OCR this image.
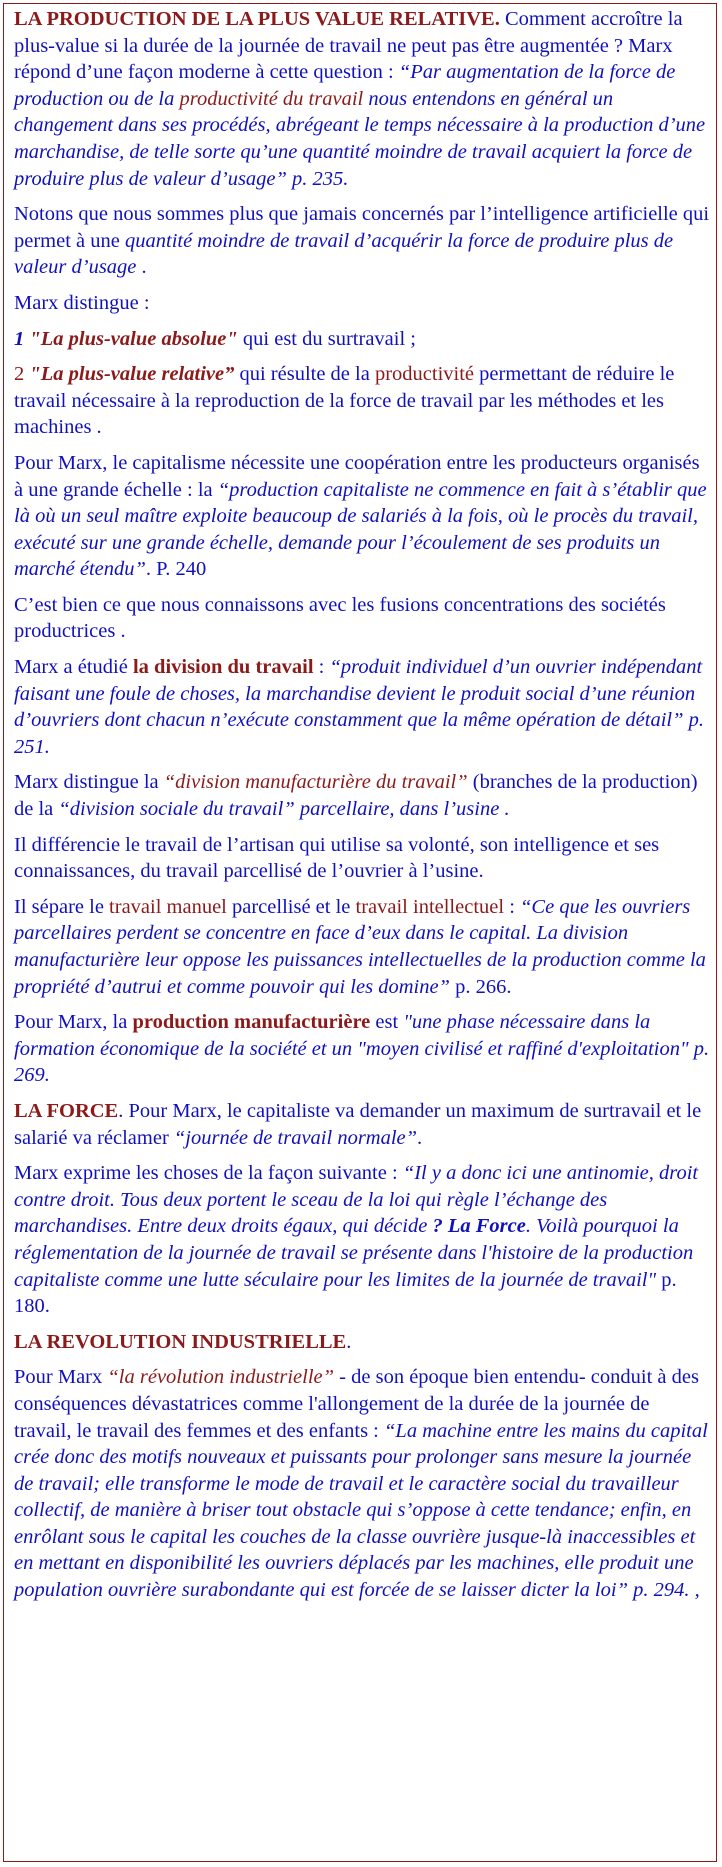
LA PRODUCTION DE LA PLUS VALUE RELATIVE. Comment accroître la plus-value si la durée de la journée de travail ne peut pas être augmentée ? Marx répond d’une façon moderne à cette question : “Par augmentation de la force de production ou de la productivité du travail nous entendons en général un changement dans ses procédés, abrégeant le temps nécessaire à la production d’une marchandise, de telle sorte qu’une quantité moindre de travail acquiert la force de produire plus de valeur d’usage” p. 235.

Notons que nous sommes plus que jamais concernés par l’intelligence artificielle qui permet à une quantité moindre de travail d’acquérir la force de produire plus de valeur d’usage .

Marx distingue :

1 "La plus-value absolue" qui est du surtravail ;

2 "La plus-value relative” qui résulte de la productivité permettant de réduire le travail nécessaire à la reproduction de la force de travail par les méthodes et les machines .

Pour Marx, le capitalisme nécessite une coopération entre les producteurs organisés à une grande échelle : la “production capitaliste ne commence en fait à s’établir que là où un seul maître exploite beaucoup de salariés à la fois, où le procès du travail, exécuté sur une grande échelle, demande pour l’écoulement de ses produits un marché étendu”. P. 240

C’est bien ce que nous connaissons avec les fusions concentrations des sociétés productrices .

Marx a étudié la division du travail : “produit individuel d’un ouvrier indépendant faisant une foule de choses, la marchandise devient le produit social d’une réunion d’ouvriers dont chacun n’exécute constamment que la même opération de détail” p. 251.

Marx distingue la “division manufacturière du travail” (branches de la production) de la “division sociale du travail” parcellaire, dans l’usine .

Il différencie le travail de l’artisan qui utilise sa volonté, son intelligence et ses connaissances, du travail parcellisé de l’ouvrier à l’usine.

Il sépare le travail manuel parcellisé et le travail intellectuel : “Ce que les ouvriers parcellaires perdent se concentre en face d’eux dans le capital. La division manufacturière leur oppose les puissances intellectuelles de la production comme la propriété d’autrui et comme pouvoir qui les domine” p. 266.

Pour Marx, la production manufacturière est "une phase nécessaire dans la formation économique de la société et un "moyen civilisé et raffiné d'exploitation" p. 269.

LA FORCE. Pour Marx, le capitaliste va demander un maximum de surtravail et le salarié va réclamer “journée de travail normale”.

Marx exprime les choses de la façon suivante : “Il y a donc ici une antinomie, droit contre droit. Tous deux portent le sceau de la loi qui règle l’échange des marchandises. Entre deux droits égaux, qui décide ? La Force. Voilà pourquoi la réglementation de la journée de travail se présente dans l'histoire de la production capitaliste comme une lutte séculaire pour les limites de la journée de travail" p. 180.

LA REVOLUTION INDUSTRIELLE.

Pour Marx “la révolution industrielle” - de son époque bien entendu- conduit à des conséquences dévastatrices comme l'allongement de la durée de la journée de travail, le travail des femmes et des enfants : “La machine entre les mains du capital crée donc des motifs nouveaux et puissants pour prolonger sans mesure la journée de travail; elle transforme le mode de travail et le caractère social du travailleur collectif, de manière à briser tout obstacle qui s’oppose à cette tendance; enfin, en enrôlant sous le capital les couches de la classe ouvrière jusque-là inaccessibles et en mettant en disponibilité les ouvriers déplacés par les machines, elle produit une population ouvrière surabondante qui est forcée de se laisser dicter la loi” p. 294. ,
